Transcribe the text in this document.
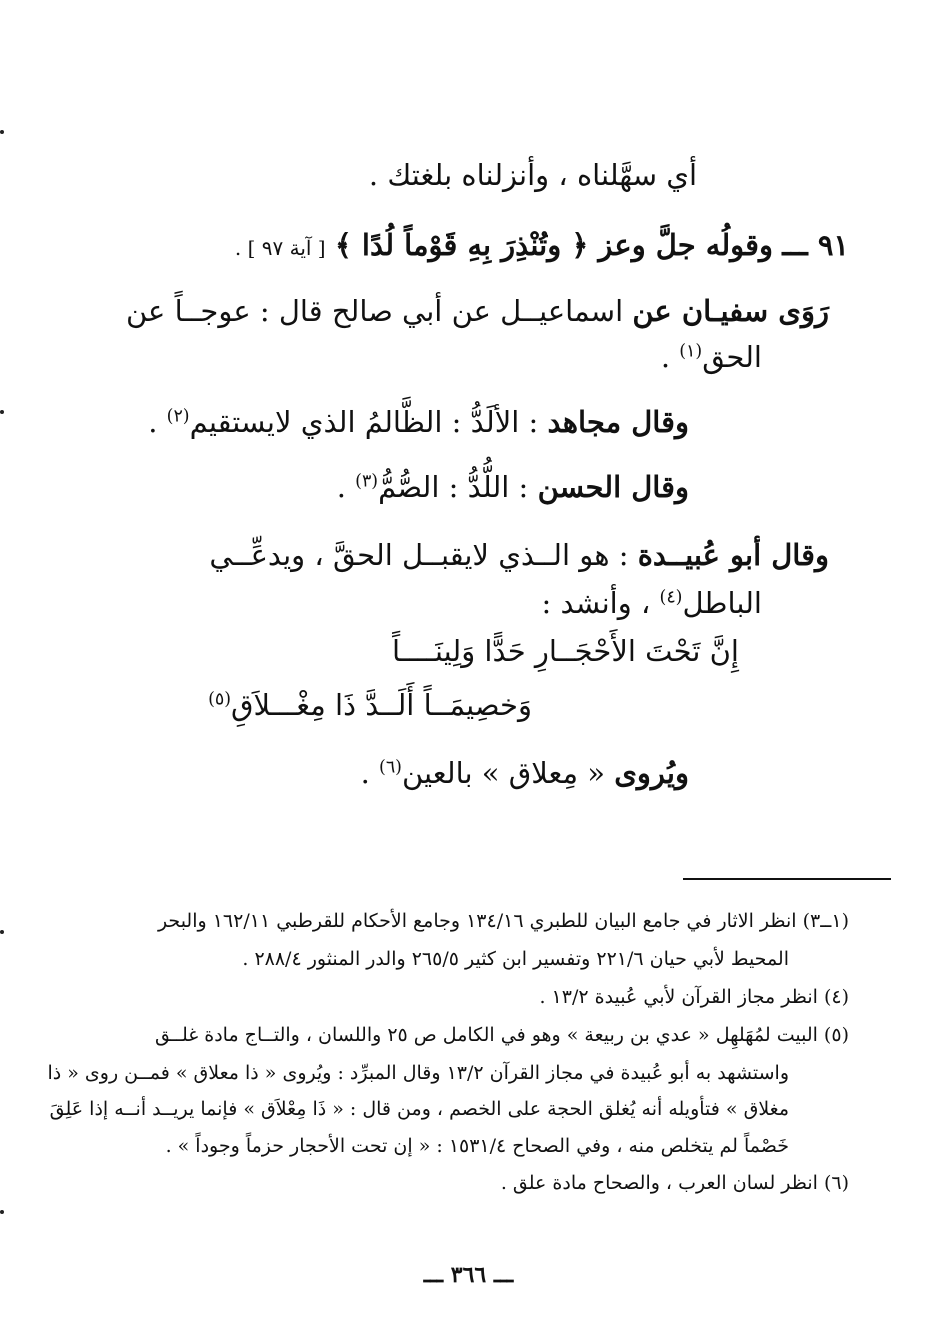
أي سهَّلناه ، وأنزلناه بلغتك .
٩١ ـــ وقولُه جلَّ وعز ﴿ وتُنْذِرَ بِهِ قَوْماً لُدًا ﴾ [ آية ٩٧ ] .
رَوَى سفيـان عن اسماعيــل عن أبي صالح قال : عوجــاً عن
الحق$^{(١)}$ .
وقال مجاهد : الألَدُّ : الظَّالمُ الذي لايستقيم$^{(٢)}$ .
وقال الحسن : اللُّدُّ : الصُّمُّ$^{(٣)}$ .
وقال أبو عُبيــدة : هو الــذي لايقبــل الحقَّ ، ويدعِّــي
الباطل$^{(٤)}$ ، وأنشد :
إِنَّ تَحْتَ الأَحْجَــارِ حَدًّا وَلِينَــــاً
وَخصِيمَــاً أَلَــدَّ ذَا مِغْـــلاَقِ$^{(٥)}$
ويُروى « مِعلاق » بالعين$^{(٦)}$ .
(١ــ٣) انظر الاثار في جامع البيان للطبري ١٣٤/١٦ وجامع الأحكام للقرطبي ١٦٢/١١ والبحر
المحيط لأبي حيان ٢٢١/٦ وتفسير ابن كثير ٢٦٥/٥ والدر المنثور ٢٨٨/٤ .
(٤) انظر مجاز القرآن لأبي عُبيدة ١٣/٢ .
(٥) البيت لمُهَلهِل « عدي بن ربيعة » وهو في الكامل ص ٢٥ واللسان ، والتــاج مادة غلــق
واستشهد به أبو عُبيدة في مجاز القرآن ١٣/٢ وقال المبرِّد : ويُروى « ذا معلاق » فمــن روى « ذا
مغلاق » فتأويله أنه يُغلق الحجة على الخصم ، ومن قال : « ذَا مِعْلاَق » فإنما يريــد أنــه إذا عَلِقَ
خَصْماً لم يتخلص منه ، وفي الصحاح ١٥٣١/٤ : « إن تحت الأحجار حزماً وجوداً » .
(٦) انظر لسان العرب ، والصحاح مادة علق .
ـــ ٣٦٦ ـــ
